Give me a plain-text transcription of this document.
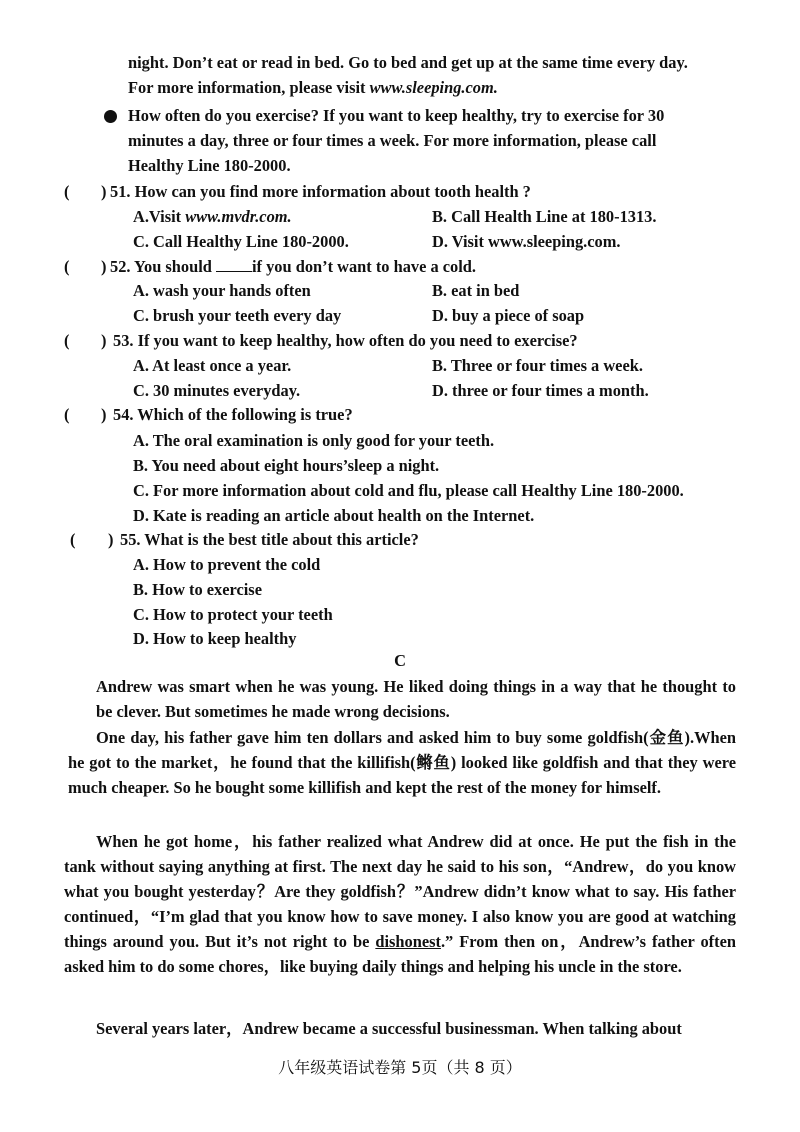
night. Don’t eat or read in bed. Go to bed and get up at the same time every day.
For more information, please visit www.sleeping.com.
How often do you exercise? If you want to keep healthy, try to exercise for 30
minutes a day, three or four times a week. For more information, please call
Healthy Line 180-2000.
( ) 51. How can you find more information about tooth health ?
A.Visit www.mvdr.com.	B. Call Health Line at 180-1313.
C. Call Healthy Line 180-2000.	D. Visit www.sleeping.com.
( ) 52. You should if you don’t want to have a cold.
A. wash your hands often	B. eat in bed
C. brush your teeth every day	D. buy a piece of soap
( ) 53. If you want to keep healthy, how often do you need to exercise?
A. At least once a year.	B. Three or four times a week.
C. 30 minutes everyday.	D. three or four times a month.
( ) 54. Which of the following is true?
A. The oral examination is only good for your teeth.
B. You need about eight hours’sleep a night.
C. For more information about cold and flu, please call Healthy Line 180-2000.
D. Kate is reading an article about health on the Internet.
( ) 55. What is the best title about this article?
A. How to prevent the cold
B. How to exercise
C. How to protect your teeth
D. How to keep healthy
C
Andrew was smart when he was young. He liked doing things in a way that he thought to be clever. But sometimes he made wrong decisions.
One day, his father gave him ten dollars and asked him to buy some goldfish(金鱼).When he got to the market，he found that the killifish(鳉鱼) looked like goldfish and that they were much cheaper. So he bought some killifish and kept the rest of the money for himself.
When he got home，his father realized what Andrew did at once. He put the fish in the tank without saying anything at first. The next day he said to his son，“Andrew，do you know what you bought yesterday？Are they goldfish？”Andrew didn’t know what to say. His father continued，“I’m glad that you know how to save money. I also know you are good at watching things around you. But it’s not right to be dishonest.” From then on，Andrew’s father often asked him to do some chores，like buying daily things and helping his uncle in the store.
Several years later，Andrew became a successful businessman. When talking about
八年级英语试卷第 5页（共 8 页）
